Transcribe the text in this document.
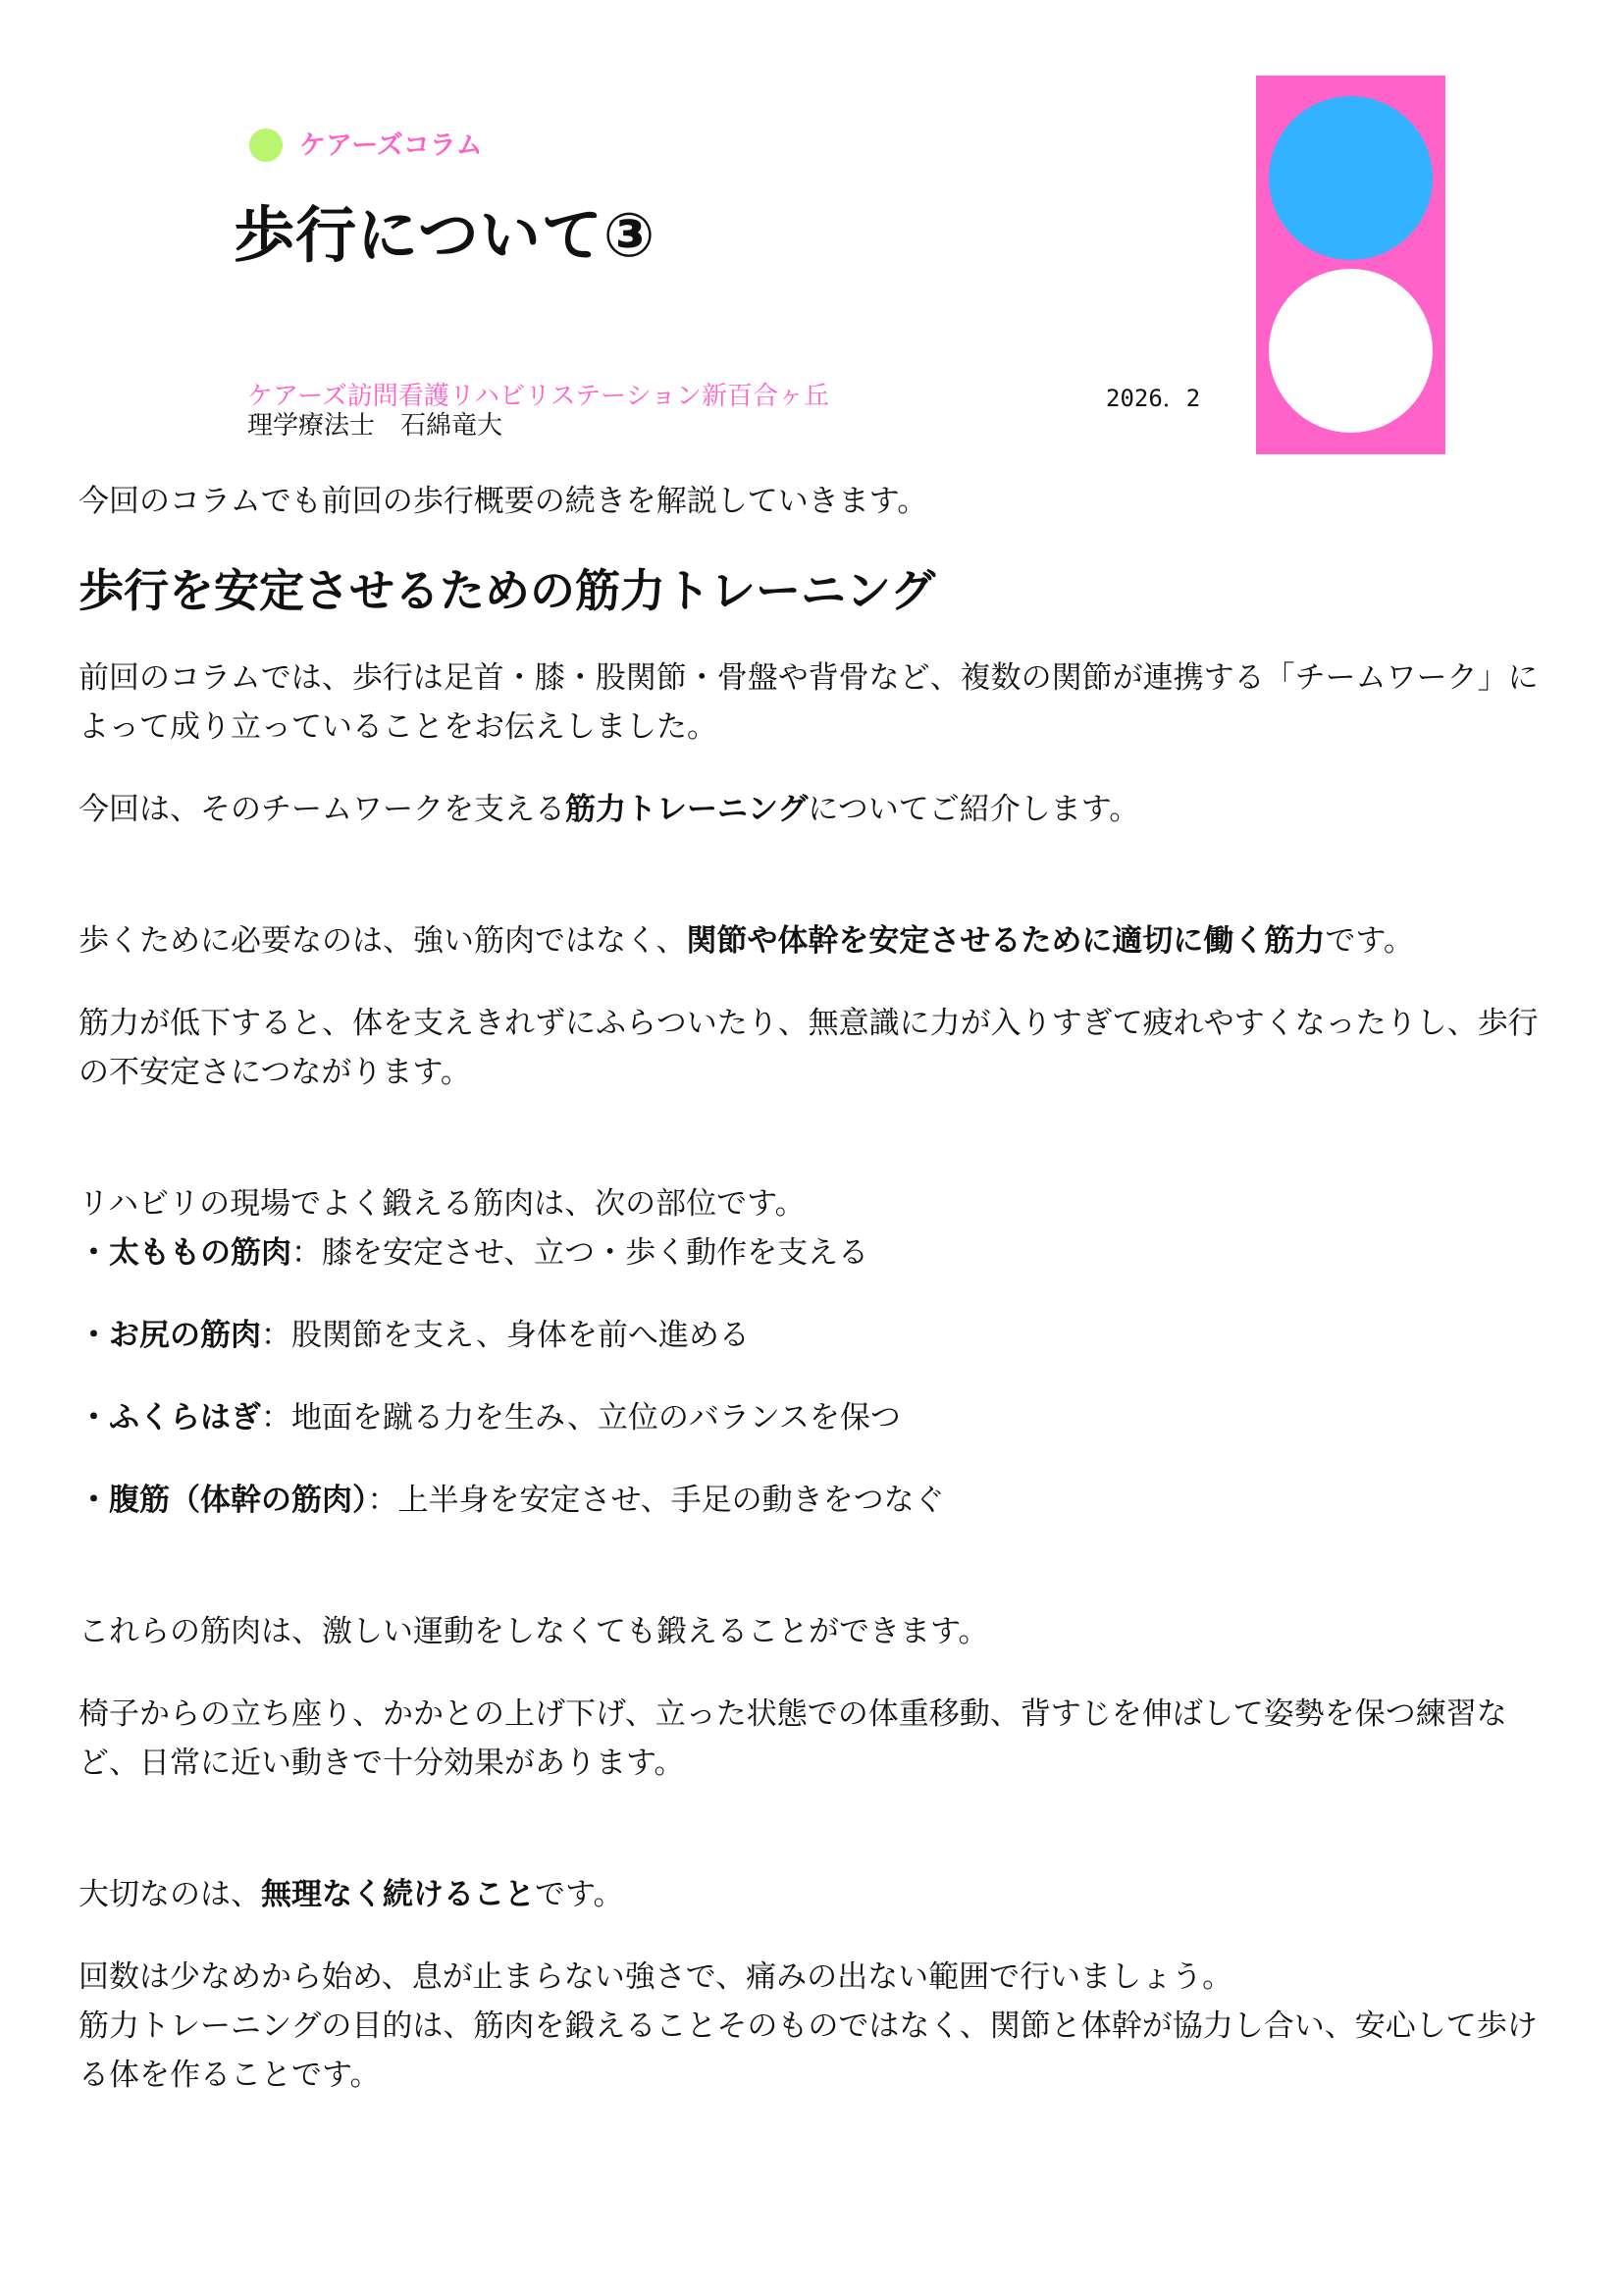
ケアーズコラム
歩行について③
ケアーズ訪問看護リハビリステーション新百合ヶ丘
理学療法士　石綿竜大
2026．2

今回のコラムでも前回の歩行概要の続きを解説していきます。

歩行を安定させるための筋力トレーニング

前回のコラムでは、歩行は足首・膝・股関節・骨盤や背骨など、複数の関節が連携する「チームワーク」によって成り立っていることをお伝えしました。

今回は、そのチームワークを支える筋力トレーニングについてご紹介します。

歩くために必要なのは、強い筋肉ではなく、関節や体幹を安定させるために適切に働く筋力です。

筋力が低下すると、体を支えきれずにふらついたり、無意識に力が入りすぎて疲れやすくなったりし、歩行の不安定さにつながります。

リハビリの現場でよく鍛える筋肉は、次の部位です。

・太ももの筋肉：膝を安定させ、立つ・歩く動作を支える

・お尻の筋肉：股関節を支え、身体を前へ進める

・ふくらはぎ：地面を蹴る力を生み、立位のバランスを保つ

・腹筋（体幹の筋肉）：上半身を安定させ、手足の動きをつなぐ

これらの筋肉は、激しい運動をしなくても鍛えることができます。

椅子からの立ち座り、かかとの上げ下げ、立った状態での体重移動、背すじを伸ばして姿勢を保つ練習など、日常に近い動きで十分効果があります。

大切なのは、無理なく続けることです。

回数は少なめから始め、息が止まらない強さで、痛みの出ない範囲で行いましょう。

筋力トレーニングの目的は、筋肉を鍛えることそのものではなく、関節と体幹が協力し合い、安心して歩ける体を作ることです。
